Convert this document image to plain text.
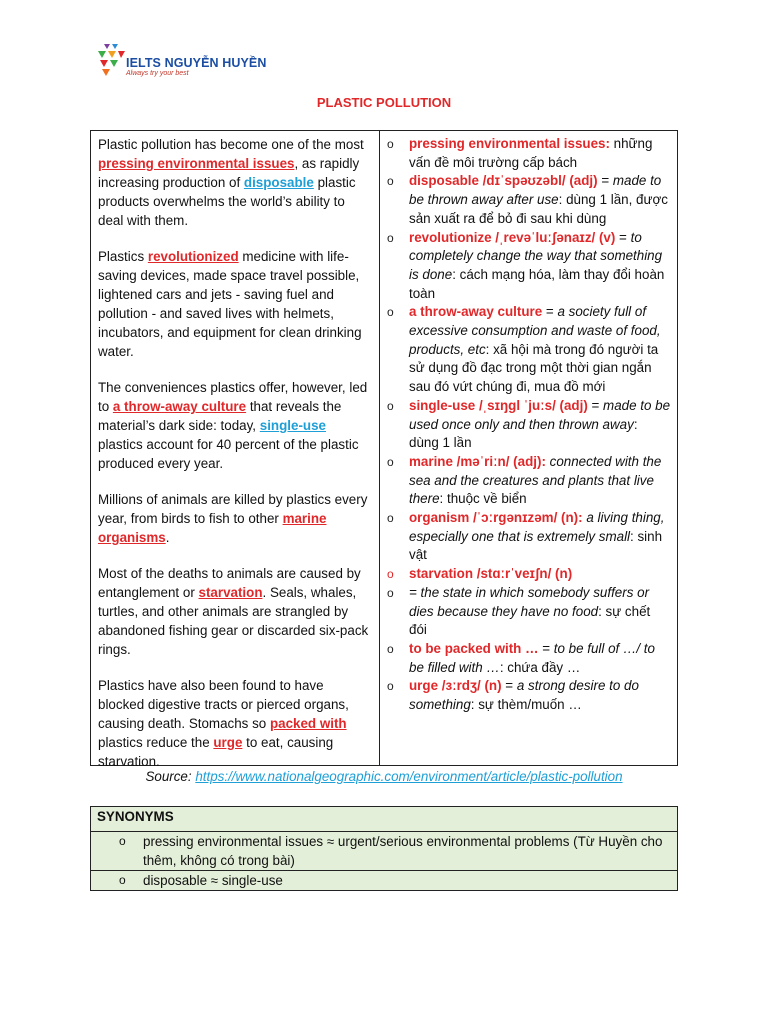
IELTS NGUYỄN HUYỀN
Always try your best
PLASTIC POLLUTION

Plastic pollution has become one of the most pressing environmental issues, as rapidly increasing production of disposable plastic products overwhelms the world’s ability to deal with them.

Plastics revolutionized medicine with life-saving devices, made space travel possible, lightened cars and jets - saving fuel and pollution - and saved lives with helmets, incubators, and equipment for clean drinking water.

The conveniences plastics offer, however, led to a throw-away culture that reveals the material’s dark side: today, single-use plastics account for 40 percent of the plastic produced every year.

Millions of animals are killed by plastics every year, from birds to fish to other marine organisms.

Most of the deaths to animals are caused by entanglement or starvation. Seals, whales, turtles, and other animals are strangled by abandoned fishing gear or discarded six-pack rings.

Plastics have also been found to have blocked digestive tracts or pierced organs, causing death. Stomachs so packed with plastics reduce the urge to eat, causing starvation.

o pressing environmental issues: những vấn đề môi trường cấp bách
o disposable /dɪˈspəʊzəbl/ (adj) = made to be thrown away after use: dùng 1 lần, được sản xuất ra để bỏ đi sau khi dùng
o revolutionize /ˌrevəˈluːʃənaɪz/ (v) = to completely change the way that something is done: cách mạng hóa, làm thay đổi hoàn toàn
o a throw-away culture = a society full of excessive consumption and waste of food, products, etc: xã hội mà trong đó người ta sử dụng đồ đạc trong một thời gian ngắn sau đó vứt chúng đi, mua đồ mới
o single-use /ˌsɪŋɡl ˈjuːs/ (adj) = made to be used once only and then thrown away: dùng 1 lần
o marine /məˈriːn/ (adj): connected with the sea and the creatures and plants that live there: thuộc về biển
o organism /ˈɔːrɡənɪzəm/ (n): a living thing, especially one that is extremely small: sinh vật
o starvation /stɑːrˈveɪʃn/ (n)
o = the state in which somebody suffers or dies because they have no food: sự chết đói
o to be packed with … = to be full of …/ to be filled with …: chứa đầy …
o urge /ɜːrdʒ/ (n) = a strong desire to do something: sự thèm/muốn …
Source: https://www.nationalgeographic.com/environment/article/plastic-pollution
SYNONYMS
o pressing environmental issues ≈ urgent/serious environmental problems (Từ Huyền cho thêm, không có trong bài)
o disposable ≈ single-use
